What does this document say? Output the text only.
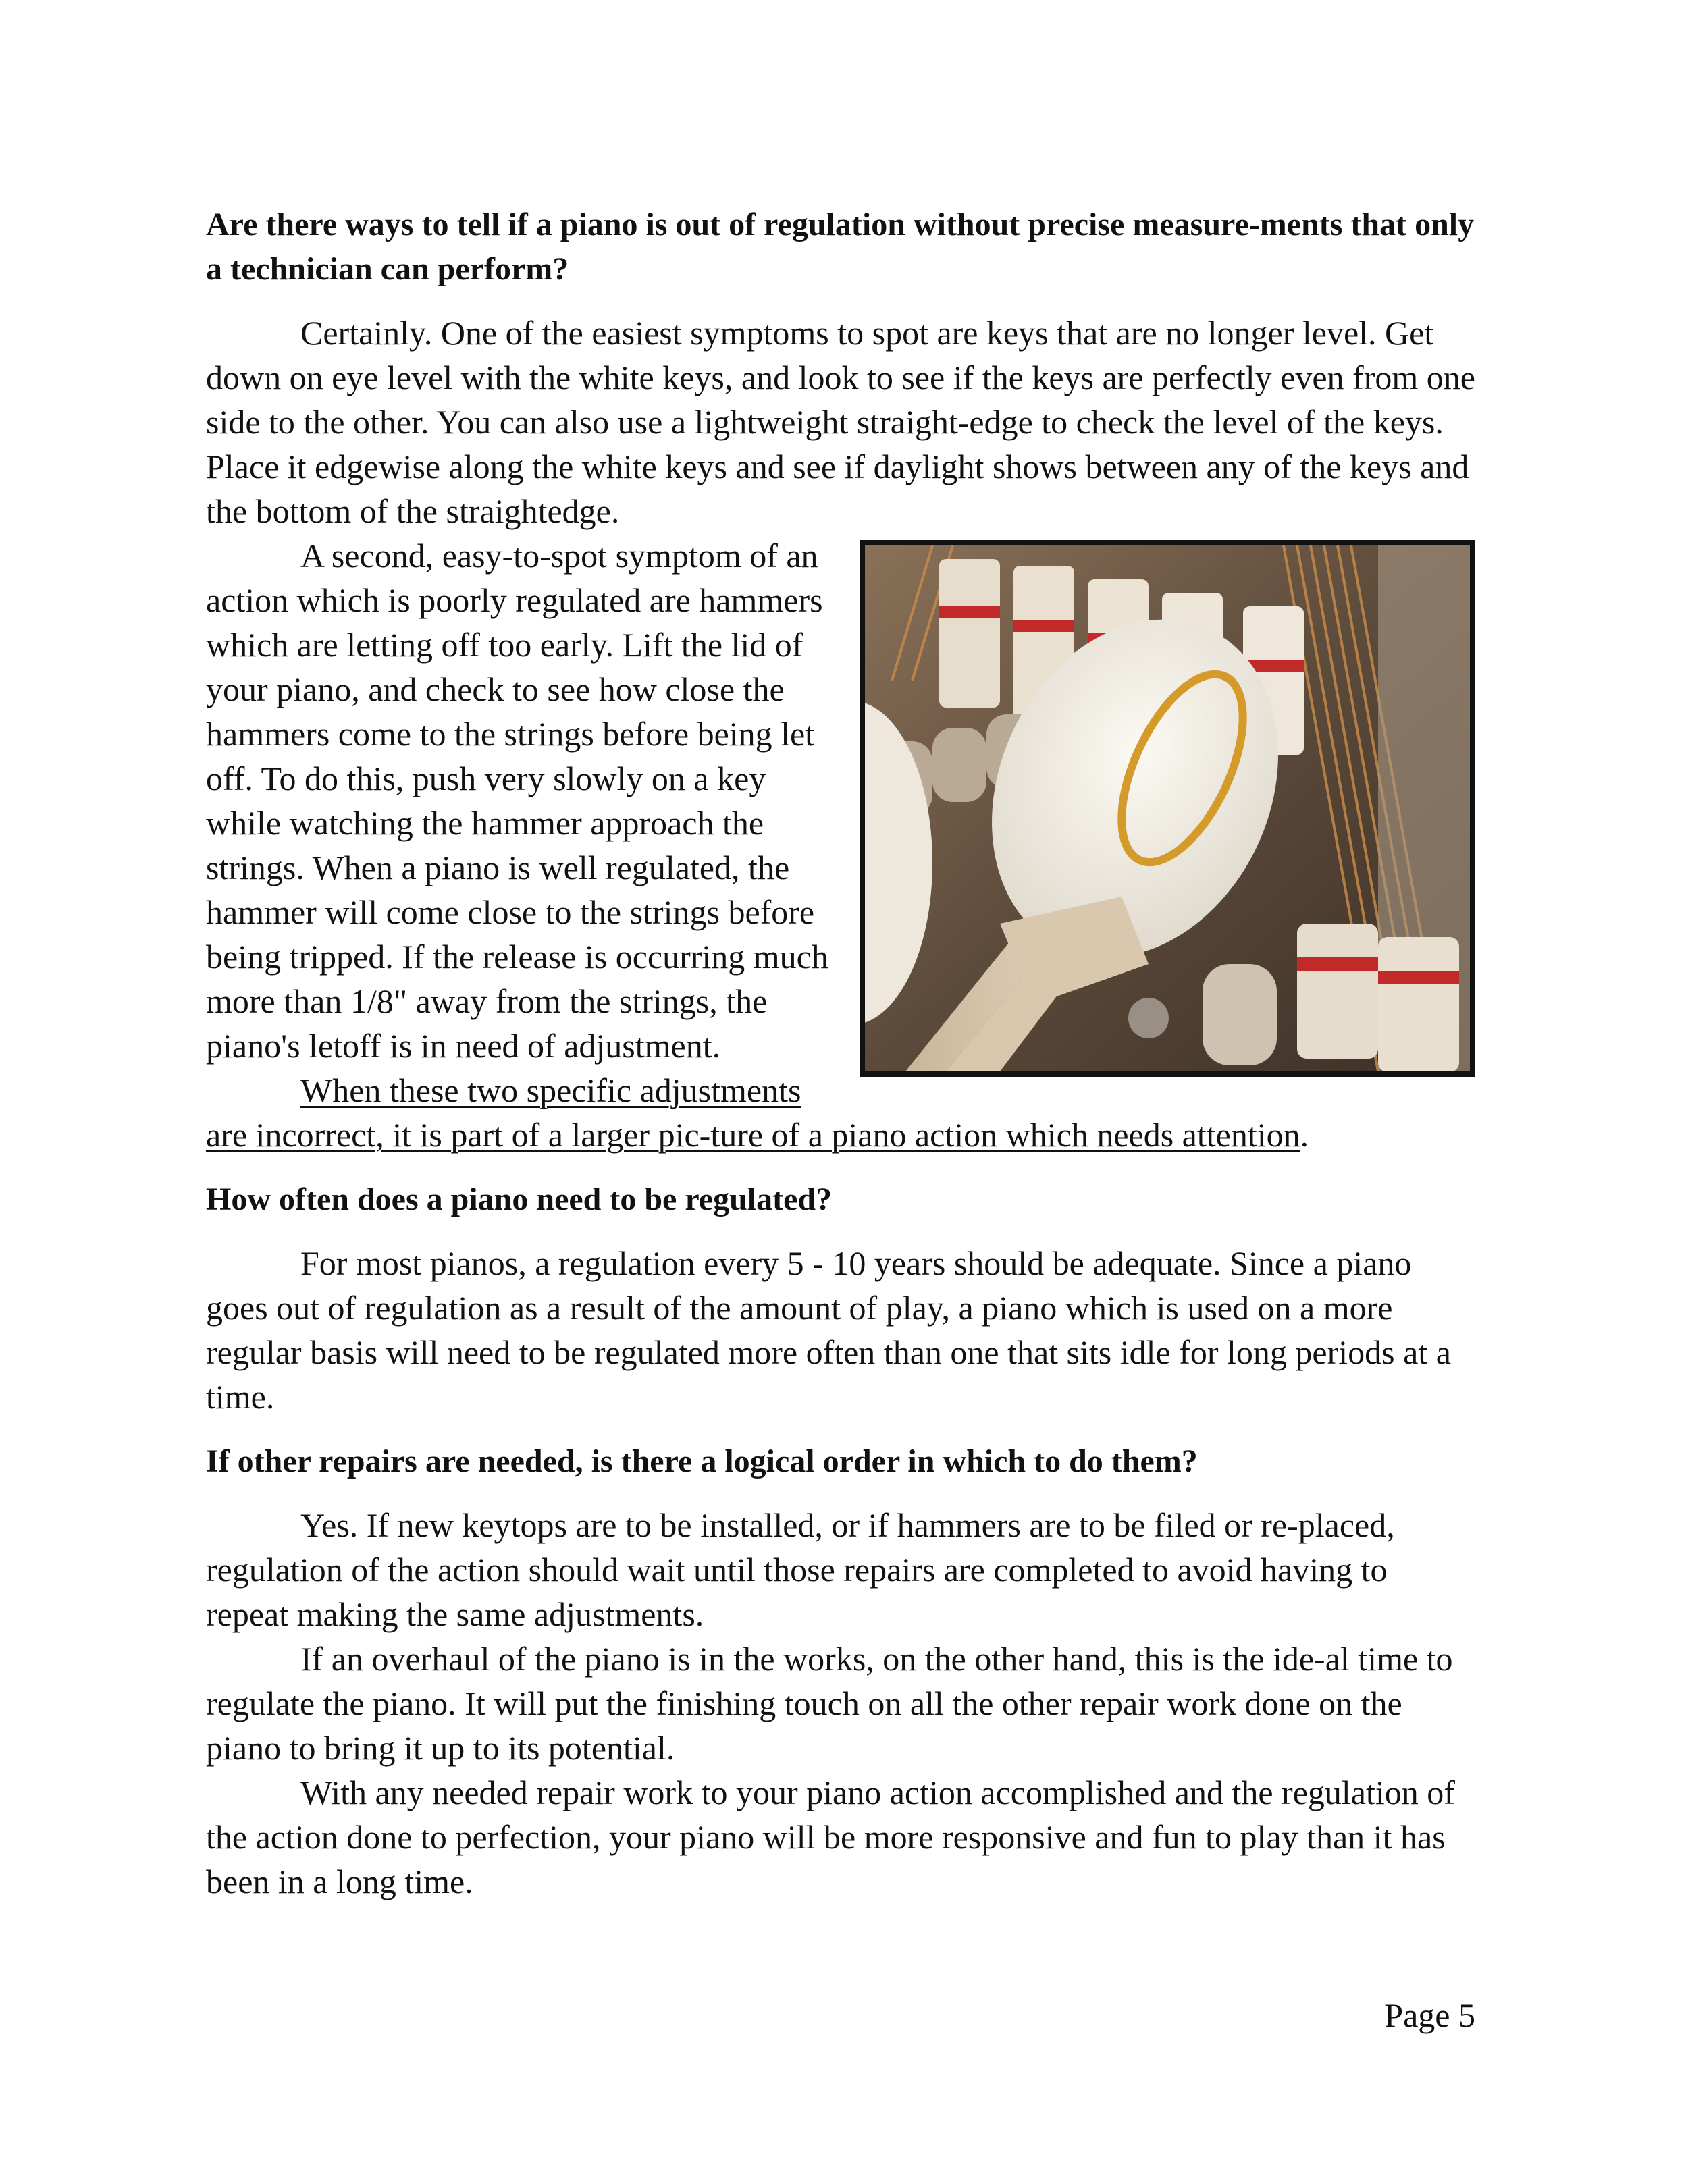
Are there ways to tell if a piano is out of regulation without precise measure-ments that only a technician can perform?

Certainly. One of the easiest symptoms to spot are keys that are no longer level. Get down on eye level with the white keys, and look to see if the keys are perfectly even from one side to the other. You can also use a lightweight straight-edge to check the level of the keys. Place it edgewise along the white keys and see if daylight shows between any of the keys and the bottom of the straightedge.

A second, easy-to-spot symptom of an action which is poorly regulated are hammers which are letting off too early. Lift the lid of your piano, and check to see how close the hammers come to the strings before being let off. To do this, push very slowly on a key while watching the hammer approach the strings. When a piano is well regulated, the hammer will come close to the strings before being tripped. If the release is occurring much more than 1/8" away from the strings, the piano's letoff is in need of adjustment.

When these two specific adjustments are incorrect, it is part of a larger pic-ture of a piano action which needs attention.

How often does a piano need to be regulated?

For most pianos, a regulation every 5 - 10 years should be adequate. Since a piano goes out of regulation as a result of the amount of play, a piano which is used on a more regular basis will need to be regulated more often than one that sits idle for long periods at a time.

If other repairs are needed, is there a logical order in which to do them?

Yes. If new keytops are to be installed, or if hammers are to be filed or re-placed, regulation of the action should wait until those repairs are completed to avoid having to repeat making the same adjustments.

If an overhaul of the piano is in the works, on the other hand, this is the ide-al time to regulate the piano. It will put the finishing touch on all the other repair work done on the piano to bring it up to its potential.

With any needed repair work to your piano action accomplished and the regulation of the action done to perfection, your piano will be more responsive and fun to play than it has been in a long time.

Page 5
